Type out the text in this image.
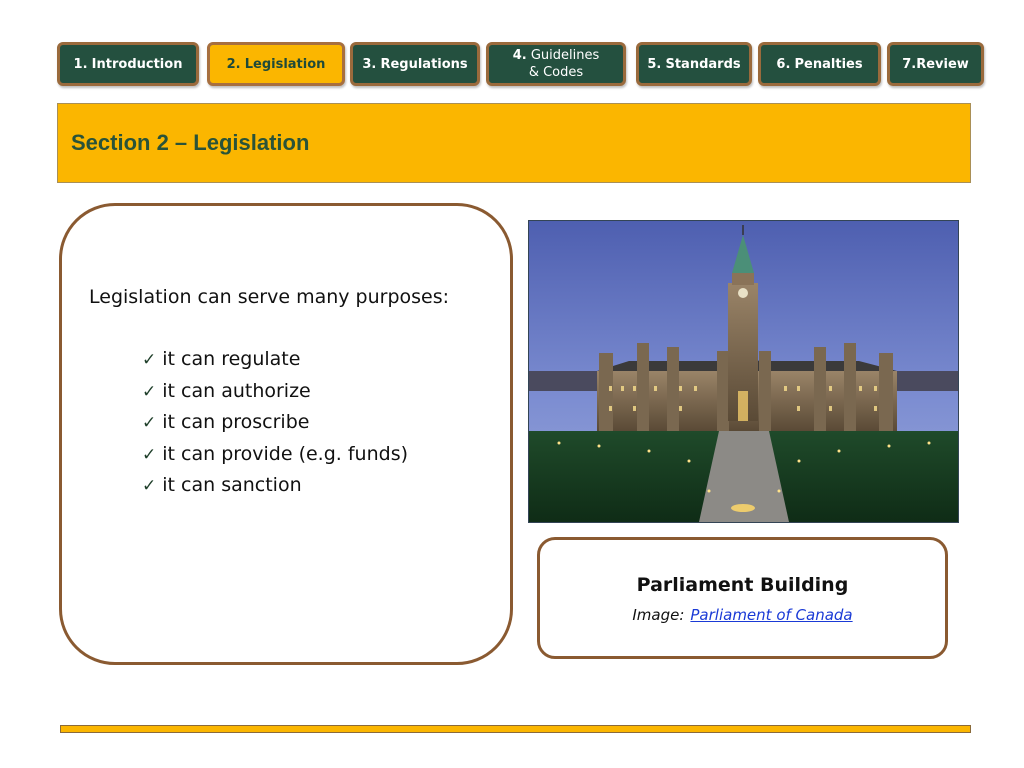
1.
Introduction	2.
Legislation	3.
Regulations
4. Guidelines & Codes
5.
Standards	6.
Penalties	7. Review
Section 2 – Legislation

Legislation can serve many purposes:

✓ it can regulate
✓ it can authorize
✓ it can proscribe
✓ it can provide (e.g. funds)
✓ it can sanction

Parliament Building

Image: Parliament of Canada
